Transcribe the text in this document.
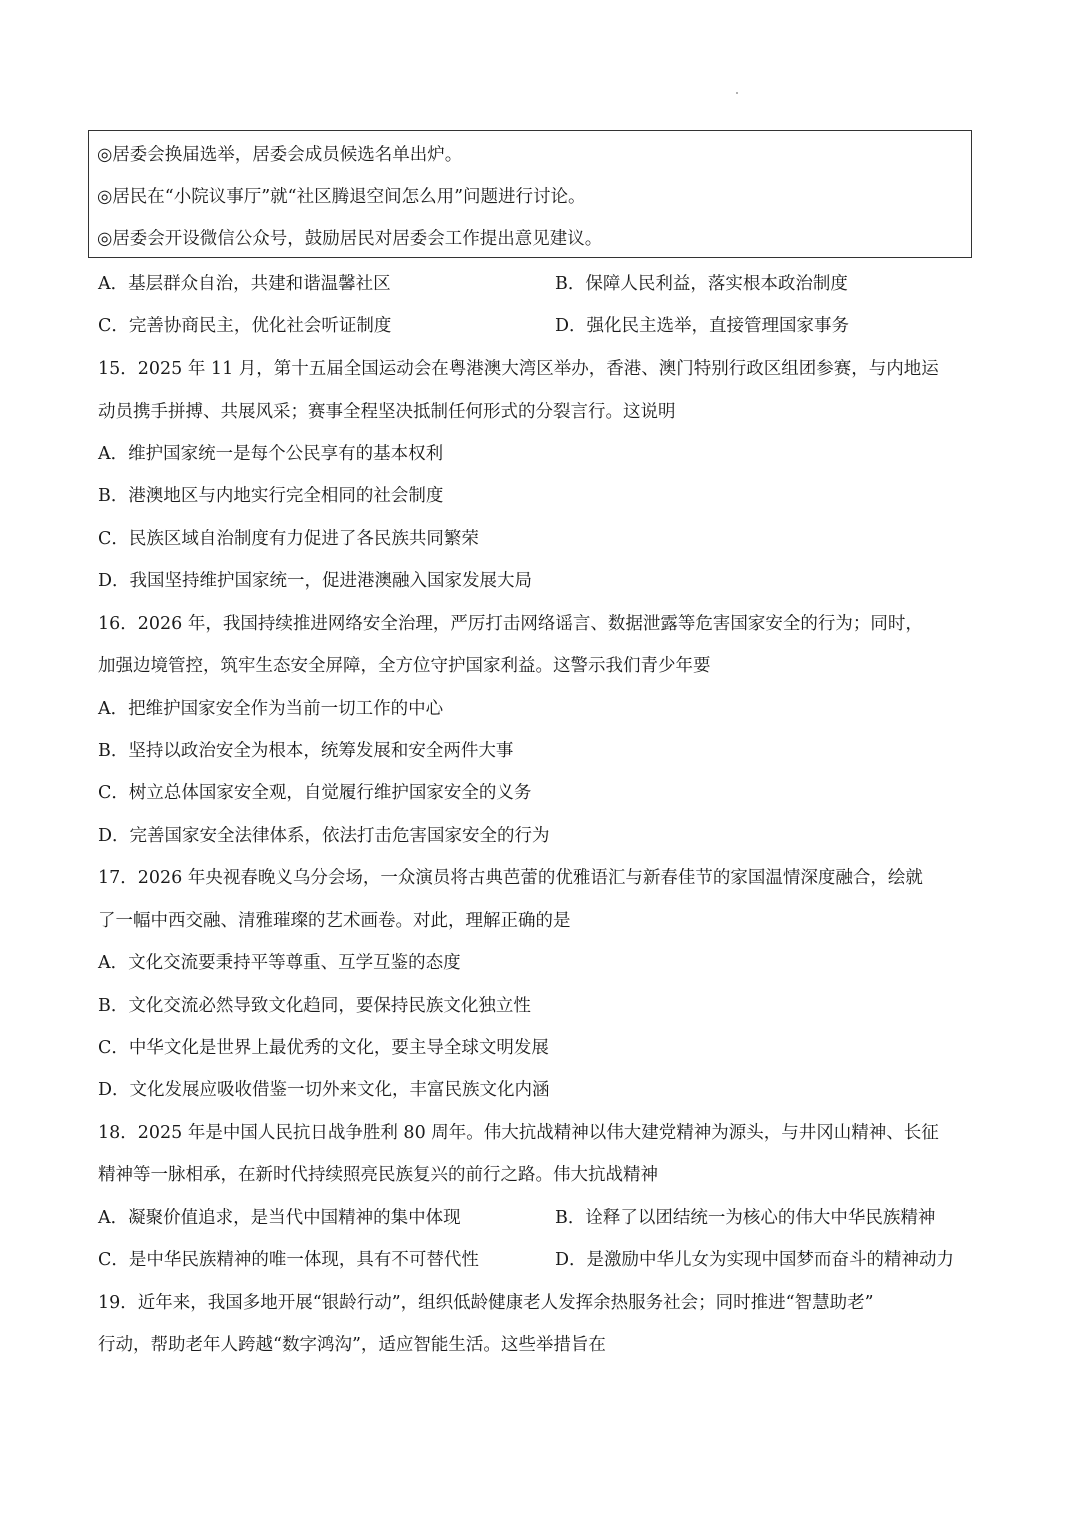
◎居委会换届选举，居委会成员候选名单出炉。
◎居民在“小院议事厅”就“社区腾退空间怎么用”问题进行讨论。
◎居委会开设微信公众号，鼓励居民对居委会工作提出意见建议。
A．基层群众自治，共建和谐温馨社区	B．保障人民利益，落实根本政治制度
C．完善协商民主，优化社会听证制度	D．强化民主选举，直接管理国家事务
15．2025 年 11 月，第十五届全国运动会在粤港澳大湾区举办，香港、澳门特别行政区组团参赛，与内地运
动员携手拼搏、共展风采；赛事全程坚决抵制任何形式的分裂言行。这说明
A．维护国家统一是每个公民享有的基本权利
B．港澳地区与内地实行完全相同的社会制度
C．民族区域自治制度有力促进了各民族共同繁荣
D．我国坚持维护国家统一，促进港澳融入国家发展大局
16．2026 年，我国持续推进网络安全治理，严厉打击网络谣言、数据泄露等危害国家安全的行为；同时，
加强边境管控，筑牢生态安全屏障，全方位守护国家利益。这警示我们青少年要
A．把维护国家安全作为当前一切工作的中心
B．坚持以政治安全为根本，统筹发展和安全两件大事
C．树立总体国家安全观，自觉履行维护国家安全的义务
D．完善国家安全法律体系，依法打击危害国家安全的行为
17．2026 年央视春晚义乌分会场，一众演员将古典芭蕾的优雅语汇与新春佳节的家国温情深度融合，绘就
了一幅中西交融、清雅璀璨的艺术画卷。对此，理解正确的是
A．文化交流要秉持平等尊重、互学互鉴的态度
B．文化交流必然导致文化趋同，要保持民族文化独立性
C．中华文化是世界上最优秀的文化，要主导全球文明发展
D．文化发展应吸收借鉴一切外来文化，丰富民族文化内涵
18．2025 年是中国人民抗日战争胜利 80 周年。伟大抗战精神以伟大建党精神为源头，与井冈山精神、长征
精神等一脉相承，在新时代持续照亮民族复兴的前行之路。伟大抗战精神
A．凝聚价值追求，是当代中国精神的集中体现	B．诠释了以团结统一为核心的伟大中华民族精神
C．是中华民族精神的唯一体现，具有不可替代性	D．是激励中华儿女为实现中国梦而奋斗的精神动力
19．近年来，我国多地开展“银龄行动”，组织低龄健康老人发挥余热服务社会；同时推进“智慧助老”
行动，帮助老年人跨越“数字鸿沟”，适应智能生活。这些举措旨在
